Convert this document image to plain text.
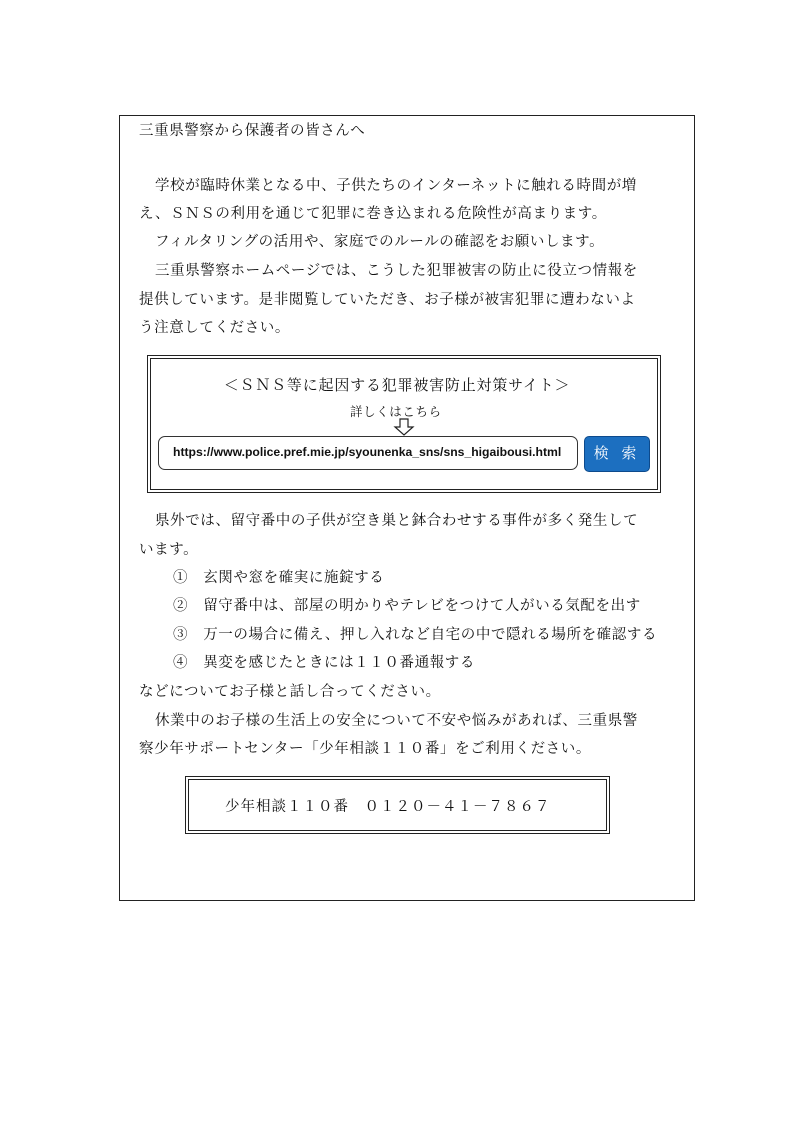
三重県警察から保護者の皆さんへ
学校が臨時休業となる中、子供たちのインターネットに触れる時間が増
え、ＳＮＳの利用を通じて犯罪に巻き込まれる危険性が高まります。
フィルタリングの活用や、家庭でのルールの確認をお願いします。
三重県警察ホームページでは、こうした犯罪被害の防止に役立つ情報を
提供しています。是非閲覧していただき、お子様が被害犯罪に遭わないよ
う注意してください。
＜ＳＮＳ等に起因する犯罪被害防止対策サイト＞
詳しくはこちら
https://www.police.pref.mie.jp/syounenka_sns/sns_higaibousi.html	検 索
県外では、留守番中の子供が空き巣と鉢合わせする事件が多く発生して
います。
①　玄関や窓を確実に施錠する
②　留守番中は、部屋の明かりやテレビをつけて人がいる気配を出す
③　万一の場合に備え、押し入れなど自宅の中で隠れる場所を確認する
④　異変を感じたときには１１０番通報する
などについてお子様と話し合ってください。
休業中のお子様の生活上の安全について不安や悩みがあれば、三重県警
察少年サポートセンター「少年相談１１０番」をご利用ください。
少年相談１１０番　０１２０－４１－７８６７
